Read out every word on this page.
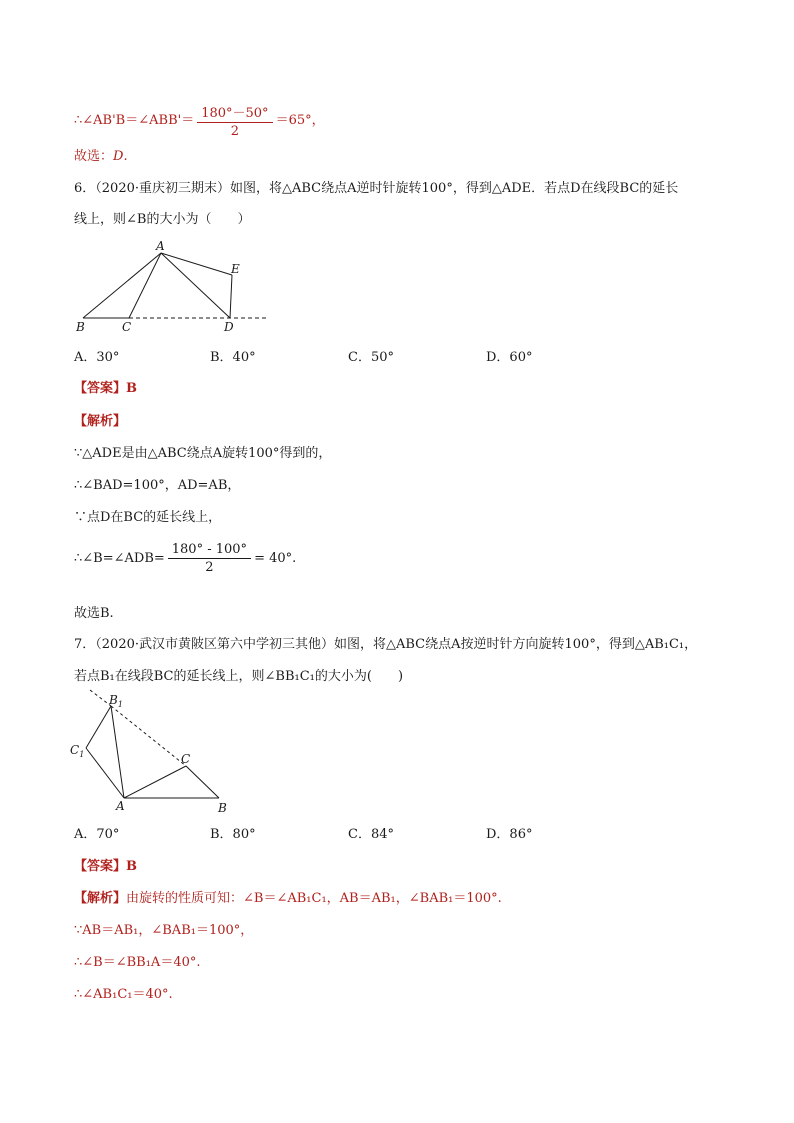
∴∠AB'B＝∠ABB'＝ $\frac{180^\circ-50^\circ}{2} =65^\circ$，
故选：D.
6．（2020·重庆初三期末）如图，将△ABC绕点A逆时针旋转100°，得到△ADE．若点D在线段BC的延长
线上，则∠B的大小为（　　）
A
B	C	D
E
A．30°	B．40°	C．50°	D．60°
【答案】B
【解析】
∵△ADE是由△ABC绕点A旋转100°得到的，
∴∠BAD=100°，AD=AB，
∵点D在BC的延长线上，
∴∠B=∠ADB= $\frac{180^\circ - 100^\circ}{2} = 40^\circ$.
故选B.
7．（2020·武汉市黄陂区第六中学初三其他）如图，将△ABC绕点A按逆时针方向旋转100°，得到△AB₁C₁，
若点B₁在线段BC的延长线上，则∠BB₁C₁的大小为(　　)
$B_1$
$C_1$	C
A	B
A．70°	B．80°	C．84°	D．86°
【答案】B
【解析】由旋转的性质可知：∠B＝∠AB₁C₁，AB＝AB₁，∠BAB₁＝100°.
∵AB＝AB₁，∠BAB₁＝100°，
∴∠B＝∠BB₁A＝40°.
∴∠AB₁C₁＝40°.
